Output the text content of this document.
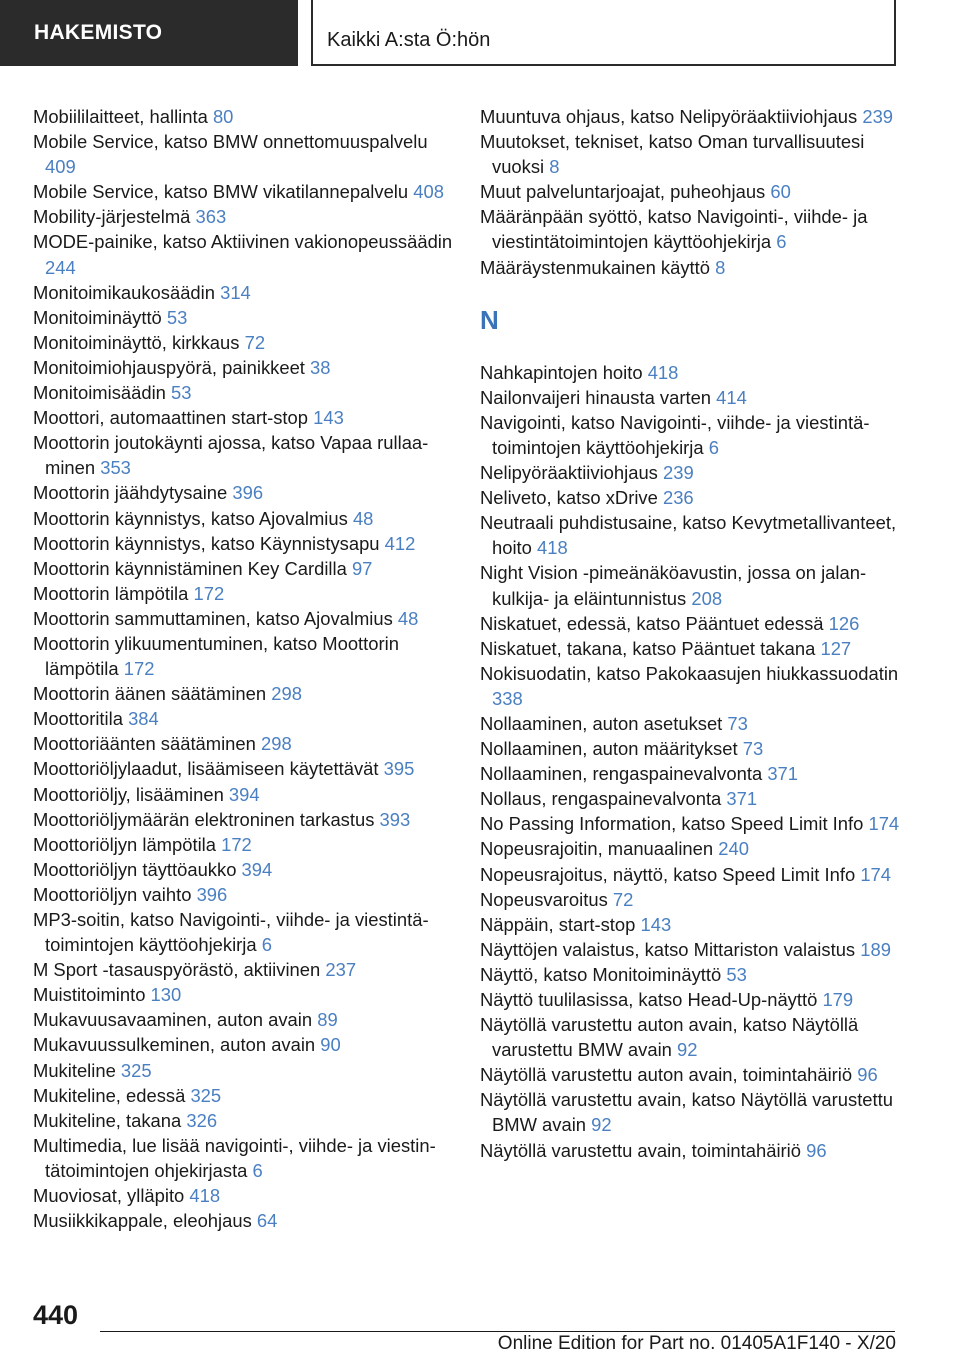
HAKEMISTO	Kaikki A:sta Ö:hön
Mobiililaitteet, hallinta 80
Mobile Service, katso BMW onnettomuuspalvelu 409
Mobile Service, katso BMW vikatilannepalvelu 408
Mobility-järjestelmä 363
MODE-painike, katso Aktiivinen vakionopeussäädin 244
Monitoimikaukosäädin 314
Monitoiminäyttö 53
Monitoiminäyttö, kirkkaus 72
Monitoimiohjauspyörä, painikkeet 38
Monitoimisäädin 53
Moottori, automaattinen start-stop 143
Moottorin joutokäynti ajossa, katso Vapaa rullaaminen 353
Moottorin jäähdytysaine 396
Moottorin käynnistys, katso Ajovalmius 48
Moottorin käynnistys, katso Käynnistysapu 412
Moottorin käynnistäminen Key Cardilla 97
Moottorin lämpötila 172
Moottorin sammuttaminen, katso Ajovalmius 48
Moottorin ylikuumentuminen, katso Moottorin lämpötila 172
Moottorin äänen säätäminen 298
Moottoritila 384
Moottoriäänten säätäminen 298
Moottoriöljylaadut, lisäämiseen käytettävät 395
Moottoriöljy, lisääminen 394
Moottoriöljymäärän elektroninen tarkastus 393
Moottoriöljyn lämpötila 172
Moottoriöljyn täyttöaukko 394
Moottoriöljyn vaihto 396
MP3-soitin, katso Navigointi-, viihde- ja viestintätoimintojen käyttöohjekirja 6
M Sport -tasauspyörästö, aktiivinen 237
Muistitoiminto 130
Mukavuusavaaminen, auton avain 89
Mukavuussulkeminen, auton avain 90
Mukiteline 325
Mukiteline, edessä 325
Mukiteline, takana 326
Multimedia, lue lisää navigointi-, viihde- ja viestintätoimintojen ohjekirjasta 6
Muoviosat, ylläpito 418
Musiikkikappale, eleohjaus 64
Muuntuva ohjaus, katso Nelipyöräaktiiviohjaus 239
Muutokset, tekniset, katso Oman turvallisuutesi vuoksi 8
Muut palveluntarjoajat, puheohjaus 60
Määränpään syöttö, katso Navigointi-, viihde- ja viestintätoimintojen käyttöohjekirja 6
Määräystenmukainen käyttö 8
N
Nahkapintojen hoito 418
Nailonvaijeri hinausta varten 414
Navigointi, katso Navigointi-, viihde- ja viestintätoimintojen käyttöohjekirja 6
Nelipyöräaktiiviohjaus 239
Neliveto, katso xDrive 236
Neutraali puhdistusaine, katso Kevytmetallivanteet, hoito 418
Night Vision -pimeänäköavustin, jossa on jalankulkija- ja eläintunnistus 208
Niskatuet, edessä, katso Pääntuet edessä 126
Niskatuet, takana, katso Pääntuet takana 127
Nokisuodatin, katso Pakokaasujen hiukkassuodatin 338
Nollaaminen, auton asetukset 73
Nollaaminen, auton määritykset 73
Nollaaminen, rengaspainevalvonta 371
Nollaus, rengaspainevalvonta 371
No Passing Information, katso Speed Limit Info 174
Nopeusrajoitin, manuaalinen 240
Nopeusrajoitus, näyttö, katso Speed Limit Info 174
Nopeusvaroitus 72
Näppäin, start-stop 143
Näyttöjen valaistus, katso Mittariston valaistus 189
Näyttö, katso Monitoiminäyttö 53
Näyttö tuulilasissa, katso Head-Up-näyttö 179
Näytöllä varustettu auton avain, katso Näytöllä varustettu BMW avain 92
Näytöllä varustettu auton avain, toimintahäiriö 96
Näytöllä varustettu avain, katso Näytöllä varustettu BMW avain 92
Näytöllä varustettu avain, toimintahäiriö 96
440
Online Edition for Part no. 01405A1F140 - X/20
